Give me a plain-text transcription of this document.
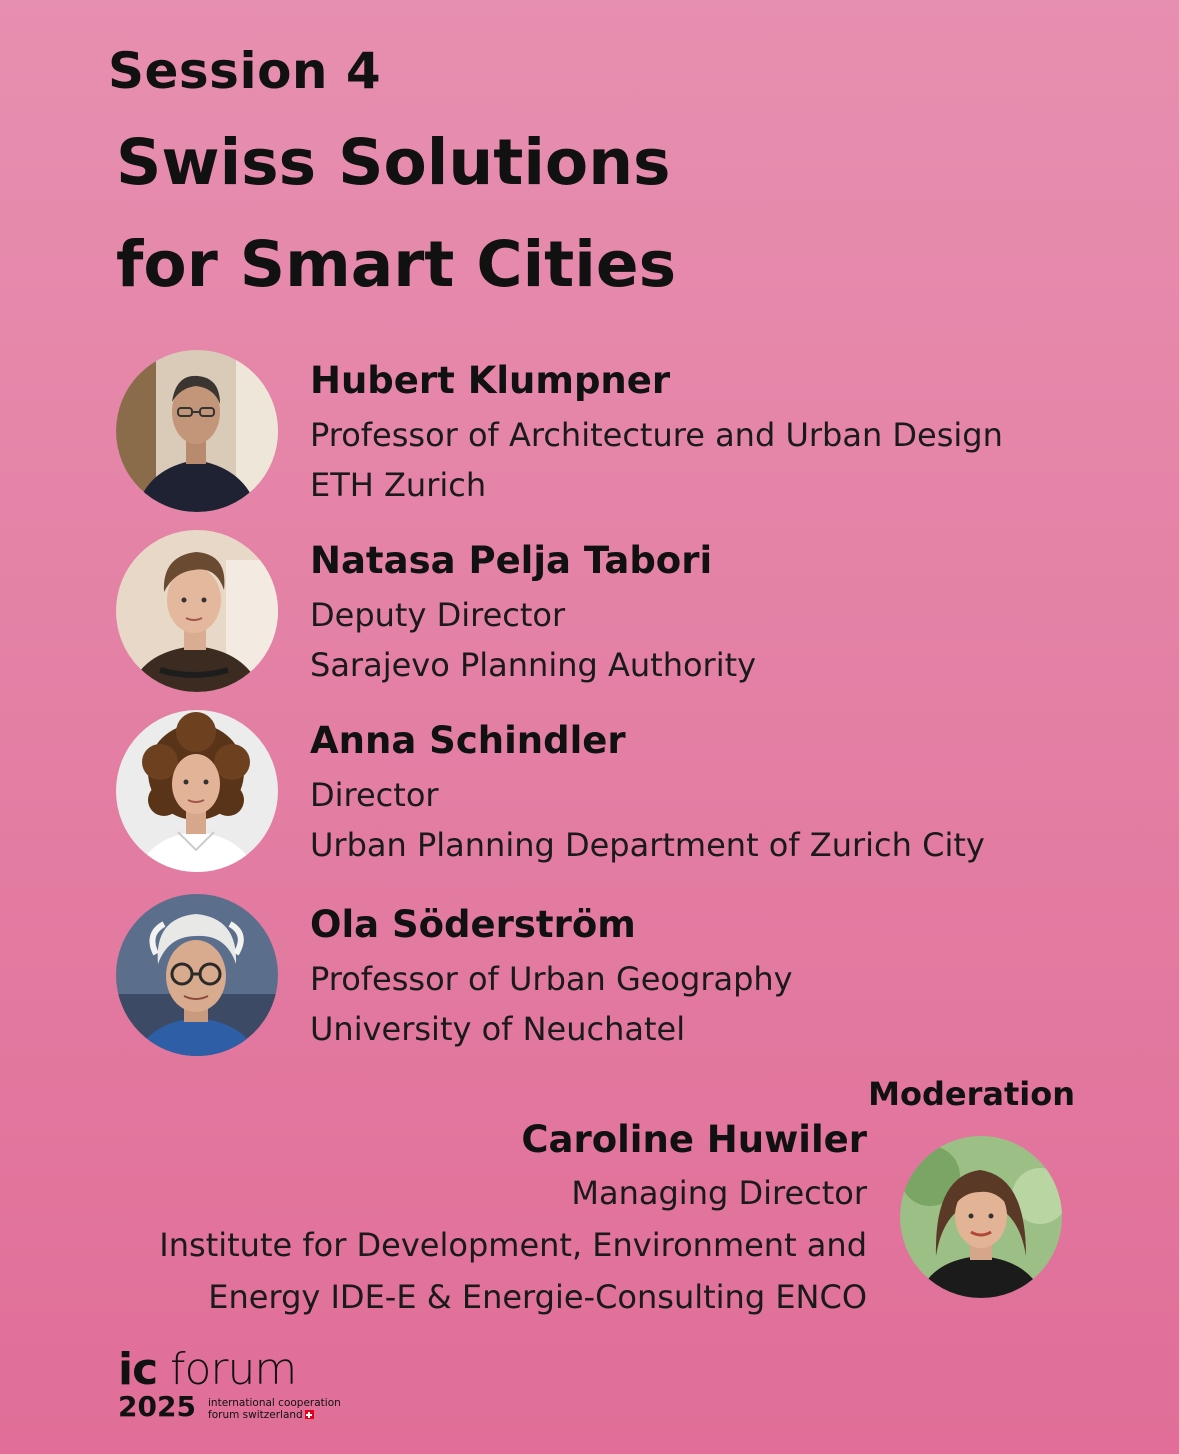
Session 4
Swiss Solutions
for Smart Cities
Hubert Klumpner
Professor of Architecture and Urban Design
ETH Zurich
Natasa Pelja Tabori
Deputy Director
Sarajevo Planning Authority
Anna Schindler
Director
Urban Planning Department of Zurich City
Ola Söderström
Professor of Urban Geography
University of Neuchatel
Moderation
Caroline Huwiler
Managing Director
Institute for Development, Environment and
Energy IDE-E & Energie-Consulting ENCO
ic forum
2025 international cooperation
forum switzerland
